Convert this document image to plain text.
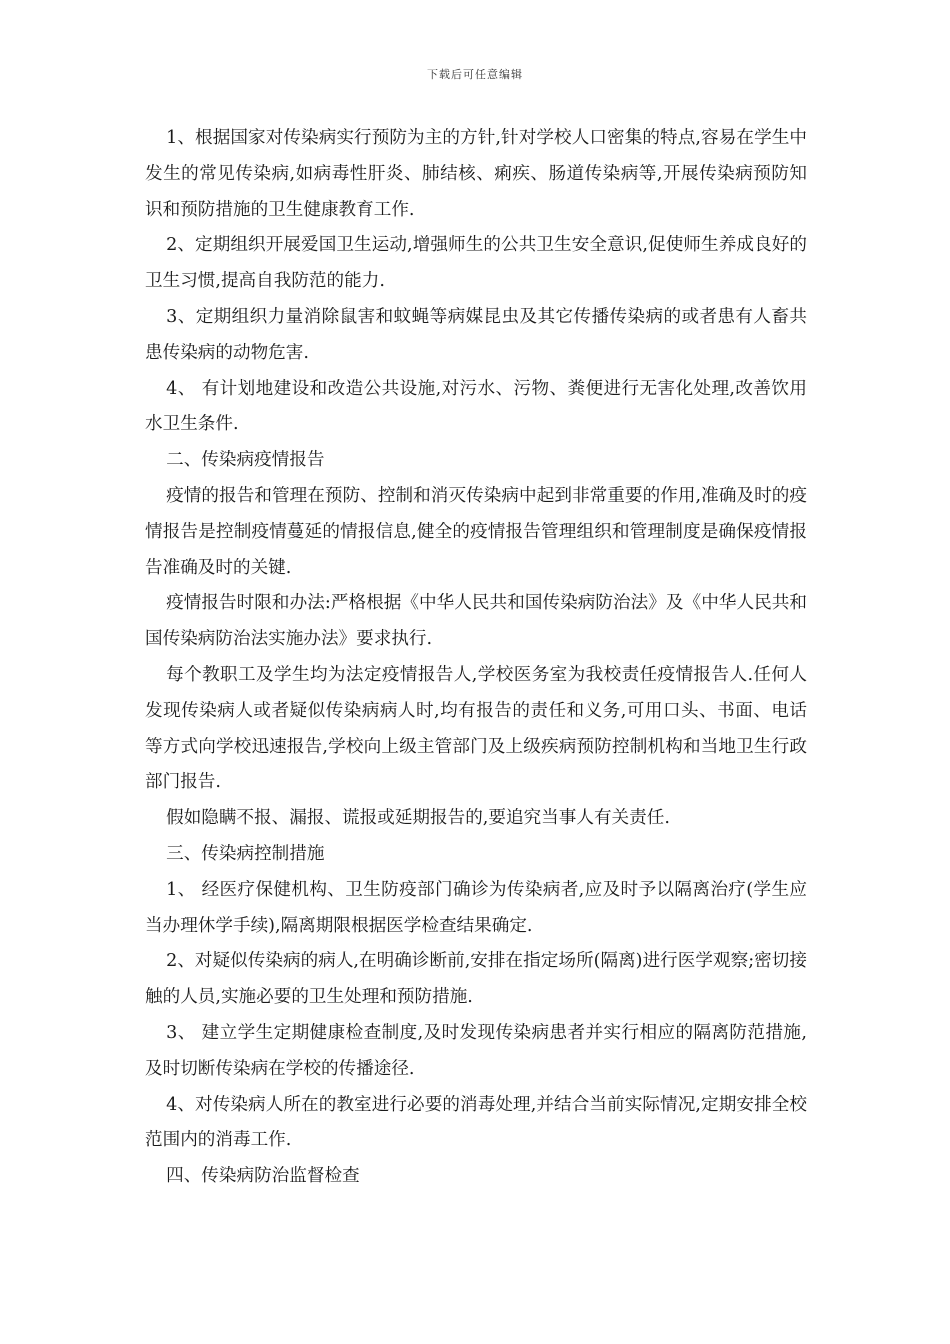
下载后可任意编辑

1、根据国家对传染病实行预防为主的方针,针对学校人口密集的特点,容易在学生中发生的常见传染病,如病毒性肝炎、肺结核、痢疾、肠道传染病等,开展传染病预防知识和预防措施的卫生健康教育工作.

2、定期组织开展爱国卫生运动,增强师生的公共卫生安全意识,促使师生养成良好的卫生习惯,提高自我防范的能力.

3、定期组织力量消除鼠害和蚊蝇等病媒昆虫及其它传播传染病的或者患有人畜共患传染病的动物危害.

4、 有计划地建设和改造公共设施,对污水、污物、粪便进行无害化处理,改善饮用水卫生条件.

二、传染病疫情报告

疫情的报告和管理在预防、控制和消灭传染病中起到非常重要的作用,准确及时的疫情报告是控制疫情蔓延的情报信息,健全的疫情报告管理组织和管理制度是确保疫情报告准确及时的关键.

疫情报告时限和办法:严格根据《中华人民共和国传染病防治法》及《中华人民共和国传染病防治法实施办法》要求执行.

每个教职工及学生均为法定疫情报告人,学校医务室为我校责任疫情报告人.任何人发现传染病人或者疑似传染病病人时,均有报告的责任和义务,可用口头、书面、电话等方式向学校迅速报告,学校向上级主管部门及上级疾病预防控制机构和当地卫生行政部门报告.

假如隐瞒不报、漏报、谎报或延期报告的,要追究当事人有关责任.

三、传染病控制措施

1、 经医疗保健机构、卫生防疫部门确诊为传染病者,应及时予以隔离治疗(学生应当办理休学手续),隔离期限根据医学检查结果确定.

2、对疑似传染病的病人,在明确诊断前,安排在指定场所(隔离)进行医学观察;密切接触的人员,实施必要的卫生处理和预防措施.

3、 建立学生定期健康检查制度,及时发现传染病患者并实行相应的隔离防范措施,及时切断传染病在学校的传播途径.

4、对传染病人所在的教室进行必要的消毒处理,并结合当前实际情况,定期安排全校范围内的消毒工作.

四、传染病防治监督检查
